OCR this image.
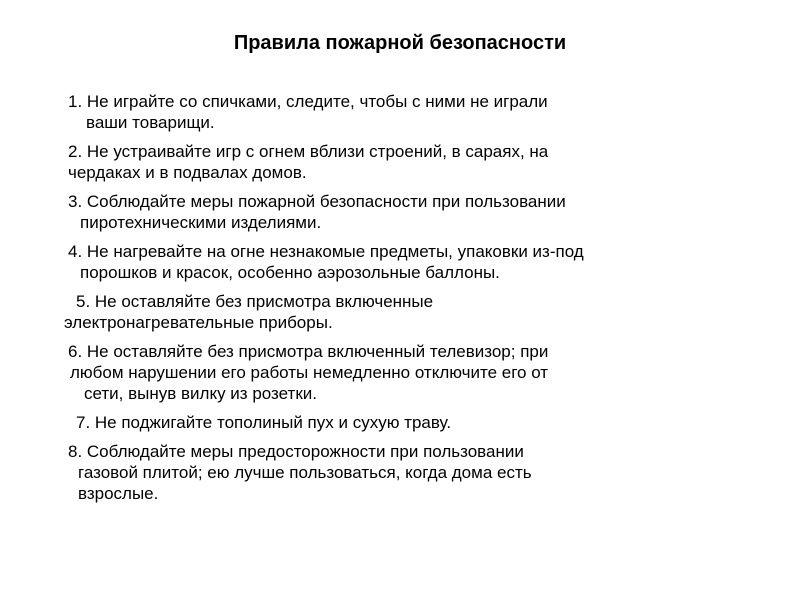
Правила пожарной безопасности
1. Не играйте со спичками, следите, чтобы с ними не играли
ваши товарищи.
2. Не устраивайте игр с огнем вблизи строений, в сараях, на
чердаках и в подвалах домов.
3. Соблюдайте меры пожарной безопасности при пользовании
пиротехническими изделиями.
4. Не нагревайте на огне незнакомые предметы, упаковки из-под
порошков и красок, особенно аэрозольные баллоны.
5. Не оставляйте без присмотра включенные
электронагревательные приборы.
6. Не оставляйте без присмотра включенный телевизор; при
любом нарушении его работы немедленно отключите его от
сети, вынув вилку из розетки.
7. Не поджигайте тополиный пух и сухую траву.
8. Соблюдайте меры предосторожности при пользовании
газовой плитой; ею лучше пользоваться, когда дома есть
взрослые.
